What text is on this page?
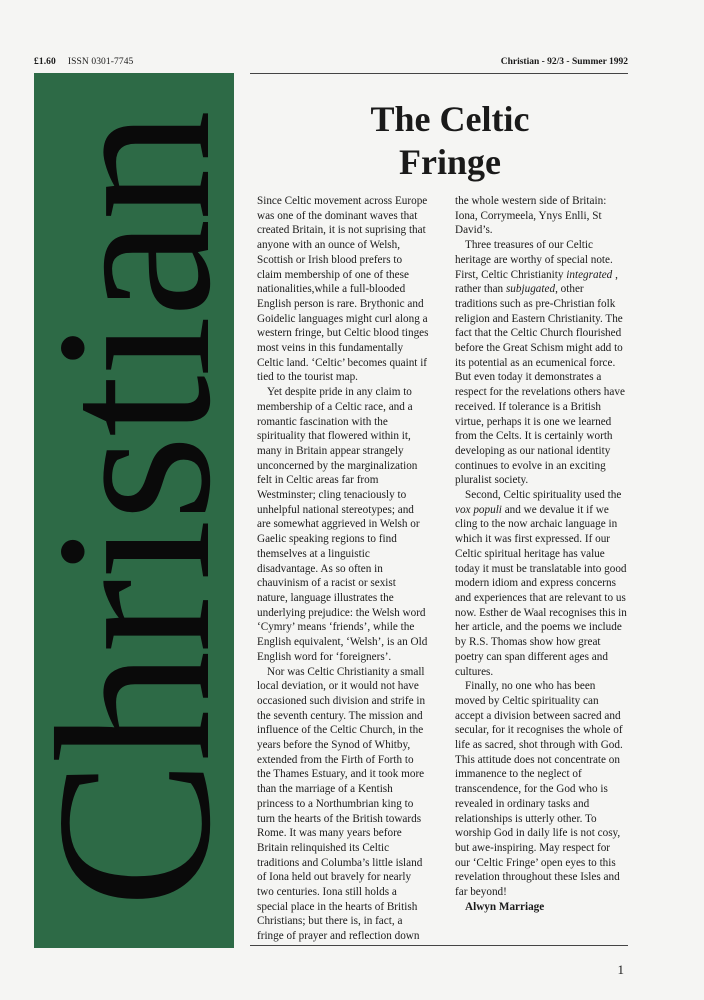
£1.60 ISSN 0301-7745	Christian - 92/3 - Summer 1992
Christian	The Celtic
Fringe

Since Celtic movement across Europe was one of the dominant waves that created Britain, it is not suprising that anyone with an ounce of Welsh, Scottish or Irish blood prefers to claim membership of one of these nationalities,while a full-blooded English person is rare. Brythonic and Goidelic languages might curl along a western fringe, but Celtic blood tinges most veins in this fundamentally Celtic land. ‘Celtic’ becomes quaint if tied to the tourist map.

Yet despite pride in any claim to membership of a Celtic race, and a romantic fascination with the spirituality that flowered within it, many in Britain appear strangely unconcerned by the marginalization felt in Celtic areas far from Westminster; cling tenaciously to unhelpful national stereotypes; and are somewhat aggrieved in Welsh or Gaelic speaking regions to find themselves at a linguistic disadvantage. As so often in chauvinism of a racist or sexist nature, language illustrates the underlying prejudice: the Welsh word ‘Cymry’ means ‘friends’, while the English equivalent, ‘Welsh’, is an Old English word for ‘foreigners’.

Nor was Celtic Christianity a small local deviation, or it would not have occasioned such division and strife in the seventh century. The mission and influence of the Celtic Church, in the years before the Synod of Whitby, extended from the Firth of Forth to the Thames Estuary, and it took more than the marriage of a Kentish princess to a Northumbrian king to turn the hearts of the British towards Rome. It was many years before Britain relinquished its Celtic traditions and Columba’s little island of Iona held out bravely for nearly two centuries. Iona still holds a special place in the hearts of British Christians; but there is, in fact, a fringe of prayer and reflection down the whole western side of Britain: Iona, Corrymeela, Ynys Enlli, St David’s.

Three treasures of our Celtic heritage are worthy of special note. First, Celtic Christianity integrated , rather than subjugated, other traditions such as pre-Christian folk religion and Eastern Christianity. The fact that the Celtic Church flourished before the Great Schism might add to its potential as an ecumenical force. But even today it demonstrates a respect for the revelations others have received. If tolerance is a British virtue, perhaps it is one we learned from the Celts. It is certainly worth developing as our national identity continues to evolve in an exciting pluralist society.

Second, Celtic spirituality used the vox populi and we devalue it if we cling to the now archaic language in which it was first expressed. If our Celtic spiritual heritage has value today it must be translatable into good modern idiom and express concerns and experiences that are relevant to us now. Esther de Waal recognises this in her article, and the poems we include by R.S. Thomas show how great poetry can span different ages and cultures.

Finally, no one who has been moved by Celtic spirituality can accept a division between sacred and secular, for it recognises the whole of life as sacred, shot through with God. This attitude does not concentrate on immanence to the neglect of transcendence, for the God who is revealed in ordinary tasks and relationships is utterly other. To worship God in daily life is not cosy, but awe-inspiring. May respect for our ‘Celtic Fringe’ open eyes to this revelation throughout these Isles and far beyond!

Alwyn Marriage

1
